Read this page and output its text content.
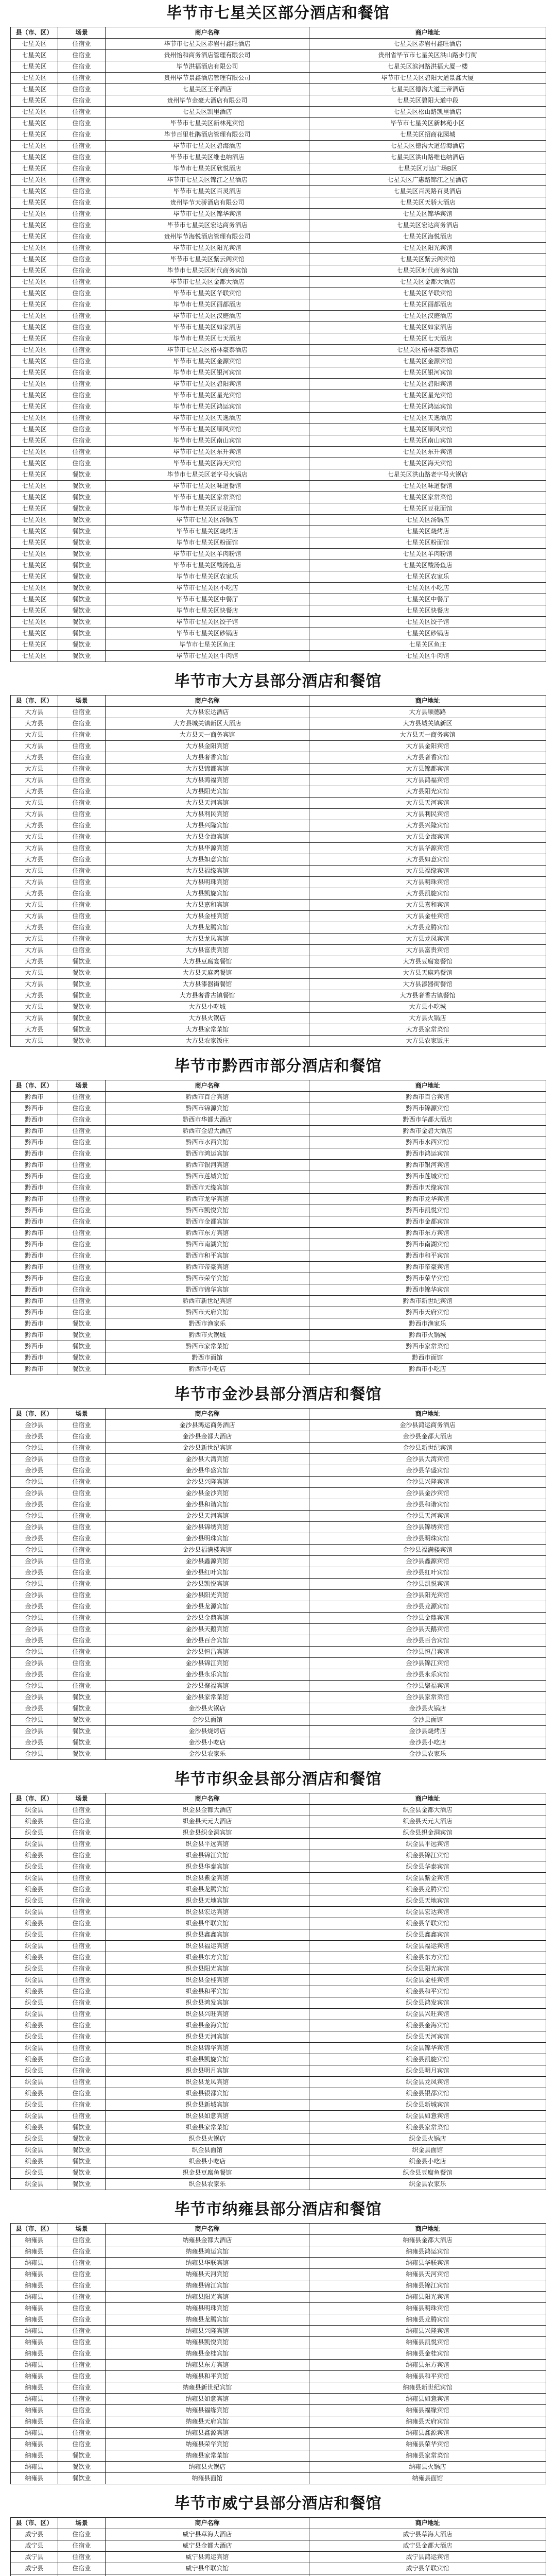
毕节市七星关区部分酒店和餐馆
县（市、区）	场景	商户名称	商户地址
七星关区	住宿业	毕节市七星关区赤岩村鑫旺酒店	七星关区赤岩村鑫旺酒店
七星关区	住宿业	贵州怡和商务酒店管理有限公司	贵州省毕节市七星关区洪山路步行街
七星关区	住宿业	毕节洪福酒店有限公司	七星关区滨河路洪福大厦一楼
七星关区	住宿业	贵州毕节景鑫酒店管理有限公司	毕节市七星关区碧阳大道景鑫大厦
七星关区	住宿业	七星关区王帝酒店	七星关区德沟大道王帝酒店
七星关区	住宿业	贵州毕节金豪大酒店有限公司	七星关区碧阳大道中段
七星关区	住宿业	七星关区凯里酒店	七星关区松山路凯里酒店
七星关区	住宿业	毕节市七星关区新林苑宾馆	毕节市七星关区新林苑小区
七星关区	住宿业	毕节百里杜鹃酒店管理有限公司	七星关区招商花园城
七星关区	住宿业	毕节市七星关区碧海酒店	七星关区德沟大道碧海酒店
七星关区	住宿业	毕节市七星关区维也纳酒店	七星关区洪山路维也纳酒店
七星关区	住宿业	毕节市七星关区欣悦酒店	七星关区万达广场B区
七星关区	住宿业	毕节市七星关区锦江之星酒店	七星关区广惠路锦江之星酒店
七星关区	住宿业	毕节市七星关区百灵酒店	七星关区百灵路百灵酒店
七星关区	住宿业	贵州毕节天骄酒店有限公司	七星关区天骄大酒店
七星关区	住宿业	毕节市七星关区锦华宾馆	七星关区锦华宾馆
七星关区	住宿业	毕节市七星关区宏达商务酒店	七星关区宏达商务酒店
七星关区	住宿业	贵州毕节海悦酒店管理有限公司	七星关区海悦酒店
七星关区	住宿业	毕节市七星关区阳光宾馆	七星关区阳光宾馆
七星关区	住宿业	毕节市七星关区紫云阁宾馆	七星关区紫云阁宾馆
七星关区	住宿业	毕节市七星关区时代商务宾馆	七星关区时代商务宾馆
七星关区	住宿业	毕节市七星关区金都大酒店	七星关区金都大酒店
七星关区	住宿业	毕节市七星关区华联宾馆	七星关区华联宾馆
七星关区	住宿业	毕节市七星关区丽都酒店	七星关区丽都酒店
七星关区	住宿业	毕节市七星关区汉庭酒店	七星关区汉庭酒店
七星关区	住宿业	毕节市七星关区如家酒店	七星关区如家酒店
七星关区	住宿业	毕节市七星关区七天酒店	七星关区七天酒店
七星关区	住宿业	毕节市七星关区格林豪泰酒店	七星关区格林豪泰酒店
七星关区	住宿业	毕节市七星关区金源宾馆	七星关区金源宾馆
七星关区	住宿业	毕节市七星关区银河宾馆	七星关区银河宾馆
七星关区	住宿业	毕节市七星关区碧阳宾馆	七星关区碧阳宾馆
七星关区	住宿业	毕节市七星关区星光宾馆	七星关区星光宾馆
七星关区	住宿业	毕节市七星关区鸿运宾馆	七星关区鸿运宾馆
七星关区	住宿业	毕节市七星关区天逸酒店	七星关区天逸酒店
七星关区	住宿业	毕节市七星关区顺风宾馆	七星关区顺风宾馆
七星关区	住宿业	毕节市七星关区南山宾馆	七星关区南山宾馆
七星关区	住宿业	毕节市七星关区东升宾馆	七星关区东升宾馆
七星关区	住宿业	毕节市七星关区海天宾馆	七星关区海天宾馆
七星关区	餐饮业	毕节市七星关区老字号火锅店	七星关区洪山路老字号火锅店
七星关区	餐饮业	毕节市七星关区味道餐馆	七星关区味道餐馆
七星关区	餐饮业	毕节市七星关区家常菜馆	七星关区家常菜馆
七星关区	餐饮业	毕节市七星关区豆花面馆	七星关区豆花面馆
七星关区	餐饮业	毕节市七星关区汤锅店	七星关区汤锅店
七星关区	餐饮业	毕节市七星关区烧烤店	七星关区烧烤店
七星关区	餐饮业	毕节市七星关区粉面馆	七星关区粉面馆
七星关区	餐饮业	毕节市七星关区羊肉粉馆	七星关区羊肉粉馆
七星关区	餐饮业	毕节市七星关区酸汤鱼店	七星关区酸汤鱼店
七星关区	餐饮业	毕节市七星关区农家乐	七星关区农家乐
七星关区	餐饮业	毕节市七星关区小吃店	七星关区小吃店
七星关区	餐饮业	毕节市七星关区中餐厅	七星关区中餐厅
七星关区	餐饮业	毕节市七星关区快餐店	七星关区快餐店
七星关区	餐饮业	毕节市七星关区饺子馆	七星关区饺子馆
七星关区	餐饮业	毕节市七星关区砂锅店	七星关区砂锅店
七星关区	餐饮业	毕节市七星关区鱼庄	七星关区鱼庄
七星关区	餐饮业	毕节市七星关区牛肉馆	七星关区牛肉馆
毕节市大方县部分酒店和餐馆
县（市、区）	场景	商户名称	商户地址
大方县	住宿业	大方县宏达酒店	大方县顺德路
大方县	住宿业	大方县城关镇新区大酒店	大方县城关镇新区
大方县	住宿业	大方县天一商务宾馆	大方县天一商务宾馆
大方县	住宿业	大方县金阳宾馆	大方县金阳宾馆
大方县	住宿业	大方县奢香宾馆	大方县奢香宾馆
大方县	住宿业	大方县锦都宾馆	大方县锦都宾馆
大方县	住宿业	大方县鸿福宾馆	大方县鸿福宾馆
大方县	住宿业	大方县阳光宾馆	大方县阳光宾馆
大方县	住宿业	大方县天河宾馆	大方县天河宾馆
大方县	住宿业	大方县利民宾馆	大方县利民宾馆
大方县	住宿业	大方县兴隆宾馆	大方县兴隆宾馆
大方县	住宿业	大方县金海宾馆	大方县金海宾馆
大方县	住宿业	大方县华源宾馆	大方县华源宾馆
大方县	住宿业	大方县如意宾馆	大方县如意宾馆
大方县	住宿业	大方县福缘宾馆	大方县福缘宾馆
大方县	住宿业	大方县明珠宾馆	大方县明珠宾馆
大方县	住宿业	大方县凯旋宾馆	大方县凯旋宾馆
大方县	住宿业	大方县嘉和宾馆	大方县嘉和宾馆
大方县	住宿业	大方县金桂宾馆	大方县金桂宾馆
大方县	住宿业	大方县龙腾宾馆	大方县龙腾宾馆
大方县	住宿业	大方县龙凤宾馆	大方县龙凤宾馆
大方县	住宿业	大方县富贵宾馆	大方县富贵宾馆
大方县	餐饮业	大方县豆腐宴餐馆	大方县豆腐宴餐馆
大方县	餐饮业	大方县天麻鸡餐馆	大方县天麻鸡餐馆
大方县	餐饮业	大方县漆器街餐馆	大方县漆器街餐馆
大方县	餐饮业	大方县奢香古镇餐馆	大方县奢香古镇餐馆
大方县	餐饮业	大方县小吃城	大方县小吃城
大方县	餐饮业	大方县火锅店	大方县火锅店
大方县	餐饮业	大方县家常菜馆	大方县家常菜馆
大方县	餐饮业	大方县农家饭庄	大方县农家饭庄
毕节市黔西市部分酒店和餐馆
县（市、区）	场景	商户名称	商户地址
黔西市	住宿业	黔西市百合宾馆	黔西市百合宾馆
黔西市	住宿业	黔西市锦源宾馆	黔西市锦源宾馆
黔西市	住宿业	黔西市华都大酒店	黔西市华都大酒店
黔西市	住宿业	黔西市金碧大酒店	黔西市金碧大酒店
黔西市	住宿业	黔西市水西宾馆	黔西市水西宾馆
黔西市	住宿业	黔西市鸿运宾馆	黔西市鸿运宾馆
黔西市	住宿业	黔西市银河宾馆	黔西市银河宾馆
黔西市	住宿业	黔西市莲城宾馆	黔西市莲城宾馆
黔西市	住宿业	黔西市天缘宾馆	黔西市天缘宾馆
黔西市	住宿业	黔西市龙华宾馆	黔西市龙华宾馆
黔西市	住宿业	黔西市凯悦宾馆	黔西市凯悦宾馆
黔西市	住宿业	黔西市金都宾馆	黔西市金都宾馆
黔西市	住宿业	黔西市东方宾馆	黔西市东方宾馆
黔西市	住宿业	黔西市南湖宾馆	黔西市南湖宾馆
黔西市	住宿业	黔西市和平宾馆	黔西市和平宾馆
黔西市	住宿业	黔西市帝豪宾馆	黔西市帝豪宾馆
黔西市	住宿业	黔西市荣华宾馆	黔西市荣华宾馆
黔西市	住宿业	黔西市锦华宾馆	黔西市锦华宾馆
黔西市	住宿业	黔西市新世纪宾馆	黔西市新世纪宾馆
黔西市	住宿业	黔西市天府宾馆	黔西市天府宾馆
黔西市	餐饮业	黔西市渔家乐	黔西市渔家乐
黔西市	餐饮业	黔西市火锅城	黔西市火锅城
黔西市	餐饮业	黔西市家常菜馆	黔西市家常菜馆
黔西市	餐饮业	黔西市面馆	黔西市面馆
黔西市	餐饮业	黔西市小吃店	黔西市小吃店
毕节市金沙县部分酒店和餐馆
县（市、区）	场景	商户名称	商户地址
金沙县	住宿业	金沙县鸿运商务酒店	金沙县鸿运商务酒店
金沙县	住宿业	金沙县金都大酒店	金沙县金都大酒店
金沙县	住宿业	金沙县新世纪宾馆	金沙县新世纪宾馆
金沙县	住宿业	金沙县大湾宾馆	金沙县大湾宾馆
金沙县	住宿业	金沙县华盛宾馆	金沙县华盛宾馆
金沙县	住宿业	金沙县兴隆宾馆	金沙县兴隆宾馆
金沙县	住宿业	金沙县金沙宾馆	金沙县金沙宾馆
金沙县	住宿业	金沙县和谐宾馆	金沙县和谐宾馆
金沙县	住宿业	金沙县天河宾馆	金沙县天河宾馆
金沙县	住宿业	金沙县锦绣宾馆	金沙县锦绣宾馆
金沙县	住宿业	金沙县明珠宾馆	金沙县明珠宾馆
金沙县	住宿业	金沙县福满楼宾馆	金沙县福满楼宾馆
金沙县	住宿业	金沙县鑫源宾馆	金沙县鑫源宾馆
金沙县	住宿业	金沙县红叶宾馆	金沙县红叶宾馆
金沙县	住宿业	金沙县凯悦宾馆	金沙县凯悦宾馆
金沙县	住宿业	金沙县阳光宾馆	金沙县阳光宾馆
金沙县	住宿业	金沙县龙源宾馆	金沙县龙源宾馆
金沙县	住宿业	金沙县金鼎宾馆	金沙县金鼎宾馆
金沙县	住宿业	金沙县天鹅宾馆	金沙县天鹅宾馆
金沙县	住宿业	金沙县百合宾馆	金沙县百合宾馆
金沙县	住宿业	金沙县恒昌宾馆	金沙县恒昌宾馆
金沙县	住宿业	金沙县锦江宾馆	金沙县锦江宾馆
金沙县	住宿业	金沙县永乐宾馆	金沙县永乐宾馆
金沙县	住宿业	金沙县聚福宾馆	金沙县聚福宾馆
金沙县	餐饮业	金沙县家常菜馆	金沙县家常菜馆
金沙县	餐饮业	金沙县火锅店	金沙县火锅店
金沙县	餐饮业	金沙县面馆	金沙县面馆
金沙县	餐饮业	金沙县烧烤店	金沙县烧烤店
金沙县	餐饮业	金沙县小吃店	金沙县小吃店
金沙县	餐饮业	金沙县农家乐	金沙县农家乐
毕节市织金县部分酒店和餐馆
县（市、区）	场景	商户名称	商户地址
织金县	住宿业	织金县金都大酒店	织金县金都大酒店
织金县	住宿业	织金县天元大酒店	织金县天元大酒店
织金县	住宿业	织金县织金洞宾馆	织金县织金洞宾馆
织金县	住宿业	织金县平远宾馆	织金县平远宾馆
织金县	住宿业	织金县锦江宾馆	织金县锦江宾馆
织金县	住宿业	织金县华泰宾馆	织金县华泰宾馆
织金县	住宿业	织金县紫金宾馆	织金县紫金宾馆
织金县	住宿业	织金县龙腾宾馆	织金县龙腾宾馆
织金县	住宿业	织金县天地宾馆	织金县天地宾馆
织金县	住宿业	织金县宏达宾馆	织金县宏达宾馆
织金县	住宿业	织金县华联宾馆	织金县华联宾馆
织金县	住宿业	织金县鑫鑫宾馆	织金县鑫鑫宾馆
织金县	住宿业	织金县福运宾馆	织金县福运宾馆
织金县	住宿业	织金县东方宾馆	织金县东方宾馆
织金县	住宿业	织金县阳光宾馆	织金县阳光宾馆
织金县	住宿业	织金县金桂宾馆	织金县金桂宾馆
织金县	住宿业	织金县和平宾馆	织金县和平宾馆
织金县	住宿业	织金县鸿发宾馆	织金县鸿发宾馆
织金县	住宿业	织金县兴旺宾馆	织金县兴旺宾馆
织金县	住宿业	织金县金海宾馆	织金县金海宾馆
织金县	住宿业	织金县天河宾馆	织金县天河宾馆
织金县	住宿业	织金县锦华宾馆	织金县锦华宾馆
织金县	住宿业	织金县凯旋宾馆	织金县凯旋宾馆
织金县	住宿业	织金县明月宾馆	织金县明月宾馆
织金县	住宿业	织金县龙凤宾馆	织金县龙凤宾馆
织金县	住宿业	织金县银都宾馆	织金县银都宾馆
织金县	住宿业	织金县新城宾馆	织金县新城宾馆
织金县	住宿业	织金县如意宾馆	织金县如意宾馆
织金县	餐饮业	织金县家常菜馆	织金县家常菜馆
织金县	餐饮业	织金县火锅店	织金县火锅店
织金县	餐饮业	织金县面馆	织金县面馆
织金县	餐饮业	织金县小吃店	织金县小吃店
织金县	餐饮业	织金县豆腐鱼餐馆	织金县豆腐鱼餐馆
织金县	餐饮业	织金县农家乐	织金县农家乐
毕节市纳雍县部分酒店和餐馆
县（市、区）	场景	商户名称	商户地址
纳雍县	住宿业	纳雍县金都大酒店	纳雍县金都大酒店
纳雍县	住宿业	纳雍县鸿运宾馆	纳雍县鸿运宾馆
纳雍县	住宿业	纳雍县华联宾馆	纳雍县华联宾馆
纳雍县	住宿业	纳雍县天河宾馆	纳雍县天河宾馆
纳雍县	住宿业	纳雍县锦江宾馆	纳雍县锦江宾馆
纳雍县	住宿业	纳雍县阳光宾馆	纳雍县阳光宾馆
纳雍县	住宿业	纳雍县明珠宾馆	纳雍县明珠宾馆
纳雍县	住宿业	纳雍县龙腾宾馆	纳雍县龙腾宾馆
纳雍县	住宿业	纳雍县兴隆宾馆	纳雍县兴隆宾馆
纳雍县	住宿业	纳雍县凯悦宾馆	纳雍县凯悦宾馆
纳雍县	住宿业	纳雍县金桂宾馆	纳雍县金桂宾馆
纳雍县	住宿业	纳雍县东方宾馆	纳雍县东方宾馆
纳雍县	住宿业	纳雍县和平宾馆	纳雍县和平宾馆
纳雍县	住宿业	纳雍县新世纪宾馆	纳雍县新世纪宾馆
纳雍县	住宿业	纳雍县如意宾馆	纳雍县如意宾馆
纳雍县	住宿业	纳雍县福缘宾馆	纳雍县福缘宾馆
纳雍县	住宿业	纳雍县天府宾馆	纳雍县天府宾馆
纳雍县	住宿业	纳雍县鑫源宾馆	纳雍县鑫源宾馆
纳雍县	住宿业	纳雍县荣华宾馆	纳雍县荣华宾馆
纳雍县	餐饮业	纳雍县家常菜馆	纳雍县家常菜馆
纳雍县	餐饮业	纳雍县火锅店	纳雍县火锅店
纳雍县	餐饮业	纳雍县面馆	纳雍县面馆
毕节市威宁县部分酒店和餐馆
县（市、区）	场景	商户名称	商户地址
威宁县	住宿业	威宁县草海大酒店	威宁县草海大酒店
威宁县	住宿业	威宁县金都大酒店	威宁县金都大酒店
威宁县	住宿业	威宁县鸿运宾馆	威宁县鸿运宾馆
威宁县	住宿业	威宁县华联宾馆	威宁县华联宾馆
